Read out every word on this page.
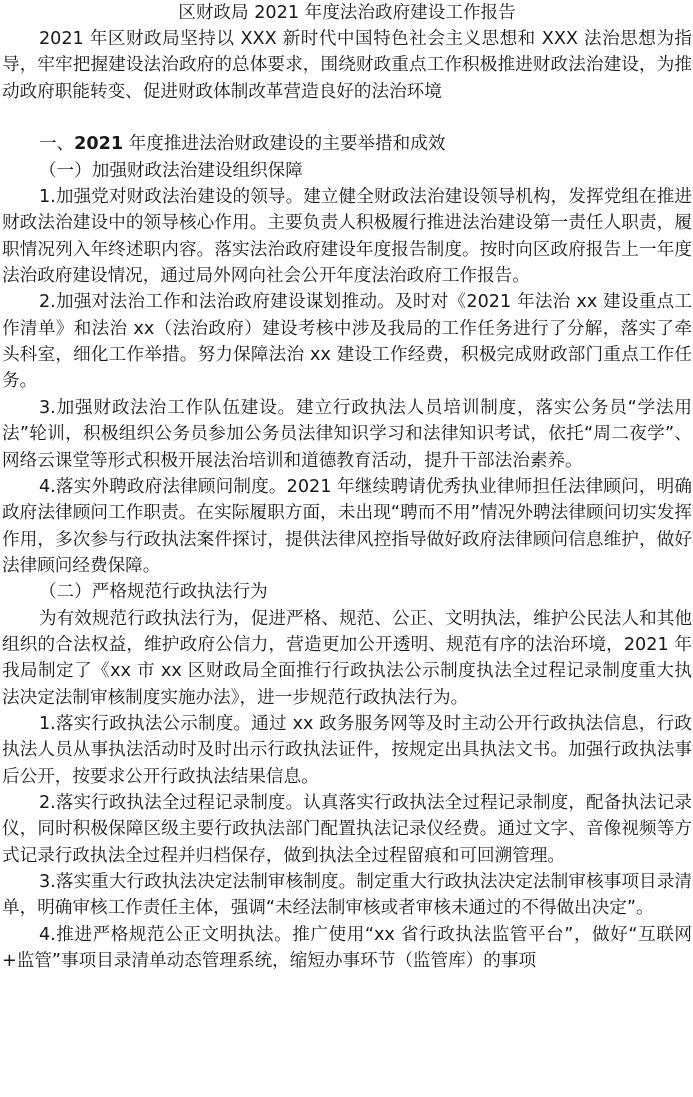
区财政局 2021 年度法治政府建设工作报告

2021 年区财政局坚持以 XXX 新时代中国特色社会主义思想和 XXX 法治思想为指导，牢牢把握建设法治政府的总体要求，围绕财政重点工作积极推进财政法治建设，为推动政府职能转变、促进财政体制改革营造良好的法治环境

一、2021 年度推进法治财政建设的主要举措和成效

（一）加强财政法治建设组织保障

1.加强党对财政法治建设的领导。建立健全财政法治建设领导机构，发挥党组在推进财政法治建设中的领导核心作用。主要负责人积极履行推进法治建设第一责任人职责，履职情况列入年终述职内容。落实法治政府建设年度报告制度。按时向区政府报告上一年度法治政府建设情况，通过局外网向社会公开年度法治政府工作报告。

2.加强对法治工作和法治政府建设谋划推动。及时对《2021 年法治 xx 建设重点工作清单》和法治 xx（法治政府）建设考核中涉及我局的工作任务进行了分解，落实了牵头科室，细化工作举措。努力保障法治 xx 建设工作经费，积极完成财政部门重点工作任务。

3.加强财政法治工作队伍建设。建立行政执法人员培训制度，落实公务员“学法用法”轮训，积极组织公务员参加公务员法律知识学习和法律知识考试，依托“周二夜学”、网络云课堂等形式积极开展法治培训和道德教育活动，提升干部法治素养。

4.落实外聘政府法律顾问制度。2021 年继续聘请优秀执业律师担任法律顾问，明确政府法律顾问工作职责。在实际履职方面，未出现“聘而不用”情况外聘法律顾问切实发挥作用，多次参与行政执法案件探讨，提供法律风控指导做好政府法律顾问信息维护，做好法律顾问经费保障。

（二）严格规范行政执法行为

为有效规范行政执法行为，促进严格、规范、公正、文明执法，维护公民法人和其他组织的合法权益，维护政府公信力，营造更加公开透明、规范有序的法治环境，2021 年我局制定了《xx 市 xx 区财政局全面推行行政执法公示制度执法全过程记录制度重大执法决定法制审核制度实施办法》，进一步规范行政执法行为。

1.落实行政执法公示制度。通过 xx 政务服务网等及时主动公开行政执法信息，行政执法人员从事执法活动时及时出示行政执法证件，按规定出具执法文书。加强行政执法事后公开，按要求公开行政执法结果信息。

2.落实行政执法全过程记录制度。认真落实行政执法全过程记录制度，配备执法记录仪，同时积极保障区级主要行政执法部门配置执法记录仪经费。通过文字、音像视频等方式记录行政执法全过程并归档保存，做到执法全过程留痕和可回溯管理。

3.落实重大行政执法决定法制审核制度。制定重大行政执法决定法制审核事项目录清单，明确审核工作责任主体，强调“未经法制审核或者审核未通过的不得做出决定”。

4.推进严格规范公正文明执法。推广使用“xx 省行政执法监管平台”，做好“互联网+监管”事项目录清单动态管理系统，缩短办事环节（监管库）的事项
